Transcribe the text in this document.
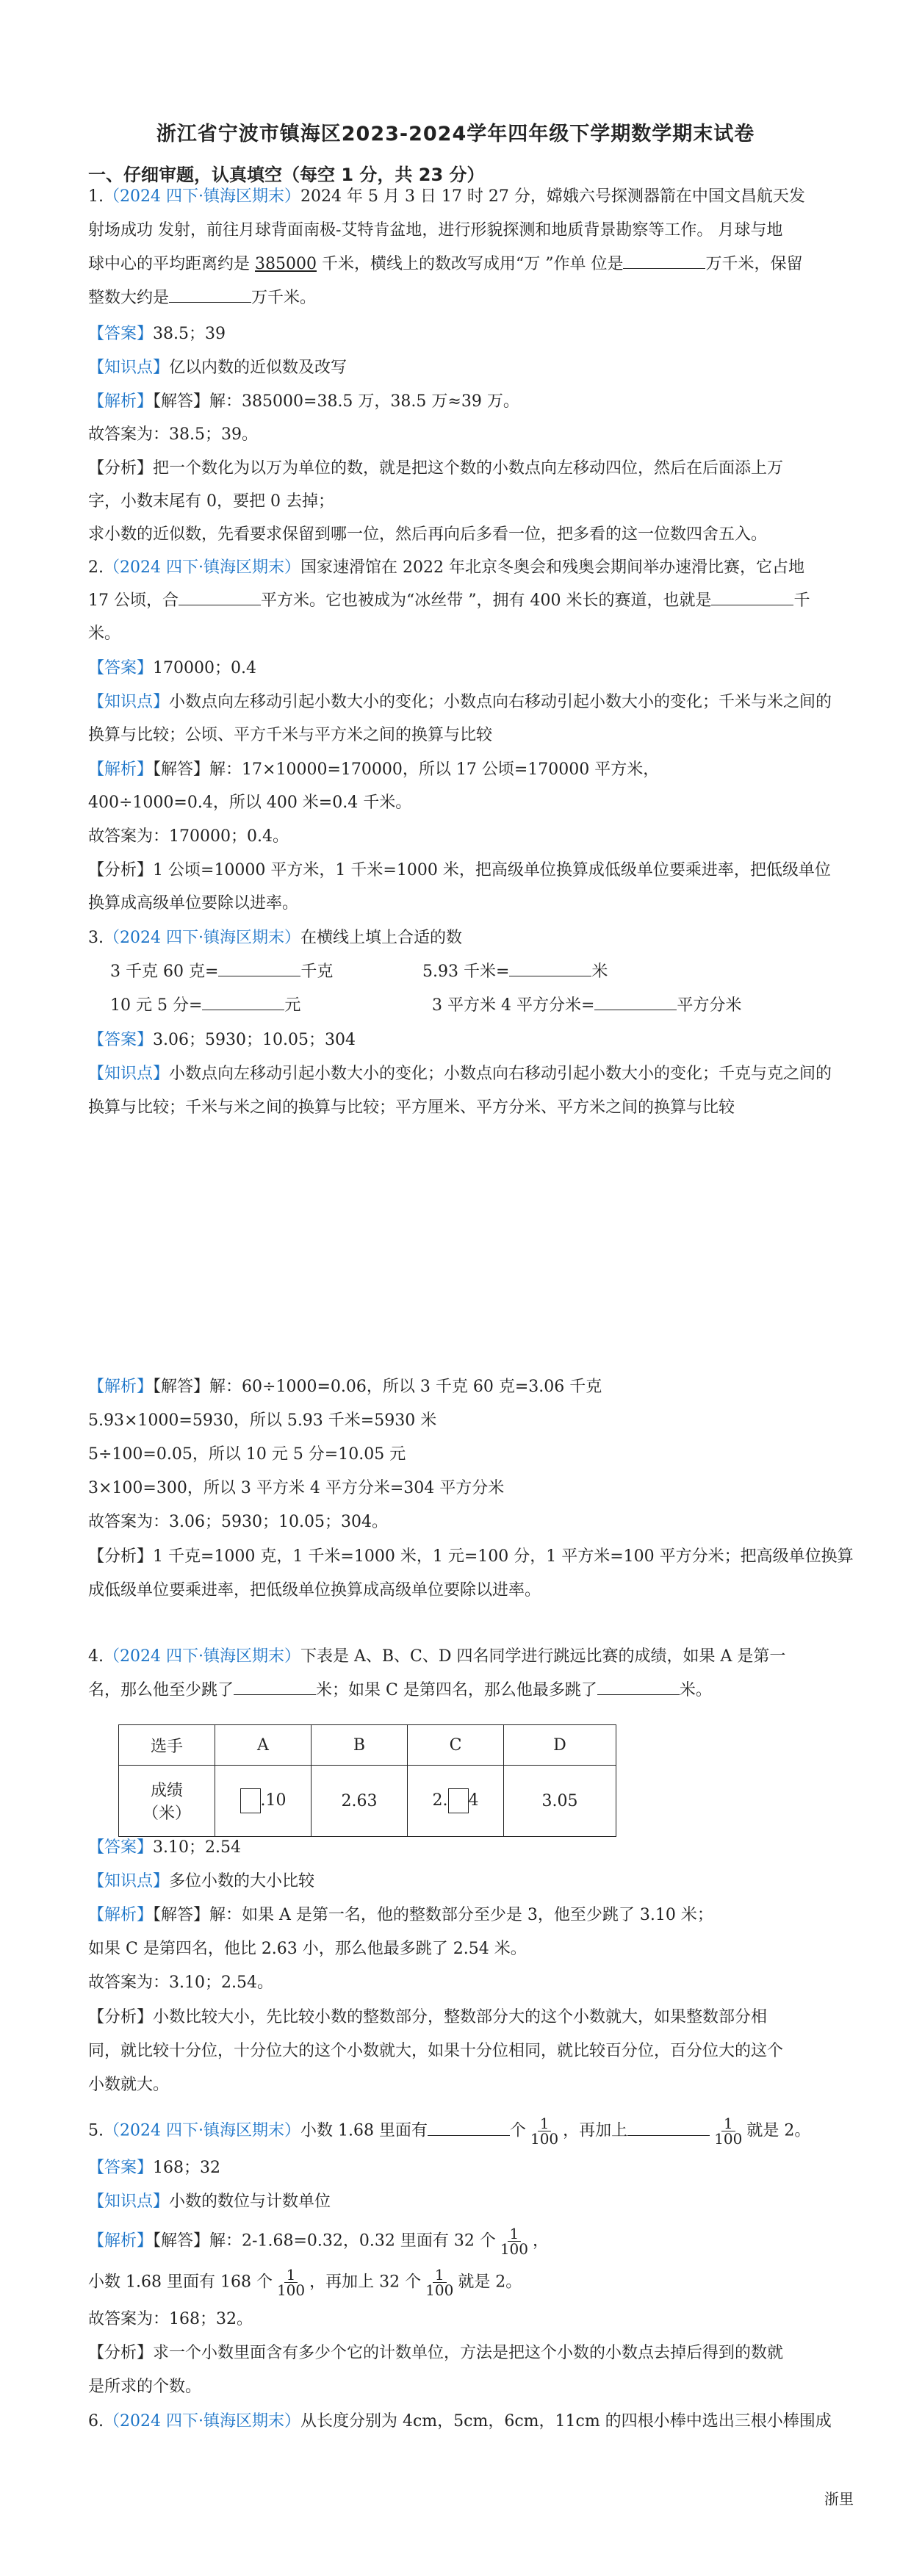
浙江省宁波市镇海区2023-2024学年四年级下学期数学期末试卷
一、仔细审题，认真填空（每空 1 分，共 23 分）
1.（2024 四下·镇海区期末）2024 年 5 月 3 日 17 时 27 分，嫦娥六号探测器箭在中国文昌航天发
射场成功 发射，前往月球背面南极-艾特肯盆地，进行形貌探测和地质背景勘察等工作。 月球与地
球中心的平均距离约是 385000 千米，横线上的数改写成用“万 ”作单 位是	万千米，保留
整数大约是	万千米。
【答案】38.5；39
【知识点】亿以内数的近似数及改写
【解析】【解答】解：385000=38.5 万，38.5 万≈39 万。
故答案为：38.5；39。
【分析】把一个数化为以万为单位的数，就是把这个数的小数点向左移动四位，然后在后面添上万
字，小数末尾有 0，要把 0 去掉；
求小数的近似数，先看要求保留到哪一位，然后再向后多看一位，把多看的这一位数四舍五入。
2.（2024 四下·镇海区期末）国家速滑馆在 2022 年北京冬奥会和残奥会期间举办速滑比赛，它占地
17 公顷，合	平方米。它也被成为“冰丝带 ”，拥有 400 米长的赛道，也就是	千
米。
【答案】170000；0.4
【知识点】小数点向左移动引起小数大小的变化；小数点向右移动引起小数大小的变化；千米与米之间的
换算与比较；公顷、平方千米与平方米之间的换算与比较
【解析】【解答】解：17×10000=170000，所以 17 公顷=170000 平方米，
400÷1000=0.4，所以 400 米=0.4 千米。
故答案为：170000；0.4。
【分析】1 公顷=10000 平方米，1 千米=1000 米，把高级单位换算成低级单位要乘进率，把低级单位
换算成高级单位要除以进率。
3.（2024 四下·镇海区期末）在横线上填上合适的数
3 千克 60 克=	千克	5.93 千米=	米
10 元 5 分=	元	3 平方米 4 平方分米=	平方分米
【答案】3.06；5930；10.05；304
【知识点】小数点向左移动引起小数大小的变化；小数点向右移动引起小数大小的变化；千克与克之间的
换算与比较；千米与米之间的换算与比较；平方厘米、平方分米、平方米之间的换算与比较
【解析】【解答】解：60÷1000=0.06，所以 3 千克 60 克=3.06 千克
5.93×1000=5930，所以 5.93 千米=5930 米
5÷100=0.05，所以 10 元 5 分=10.05 元
3×100=300，所以 3 平方米 4 平方分米=304 平方分米
故答案为：3.06；5930；10.05；304。
【分析】1 千克=1000 克，1 千米=1000 米，1 元=100 分，1 平方米=100 平方分米；把高级单位换算
成低级单位要乘进率，把低级单位换算成高级单位要除以进率。
4.（2024 四下·镇海区期末）下表是 A、B、C、D 四名同学进行跳远比赛的成绩，如果 A 是第一
名，那么他至少跳了	米；如果 C 是第四名，那么他最多跳了	米。
选手	A	B	C	D

成绩
（米）	.10	2.63	2. 4	3.05
【答案】3.10；2.54
【知识点】多位小数的大小比较
【解析】【解答】解：如果 A 是第一名，他的整数部分至少是 3，他至少跳了 3.10 米；
如果 C 是第四名，他比 2.63 小，那么他最多跳了 2.54 米。
故答案为：3.10；2.54。
【分析】小数比较大小，先比较小数的整数部分，整数部分大的这个小数就大，如果整数部分相
同，就比较十分位，十分位大的这个小数就大，如果十分位相同，就比较百分位，百分位大的这个
小数就大。
5.（2024 四下·镇海区期末）小数 1.68 里面有	个 $\frac{1}{100}$ ，再加上	$\frac{1}{100}$ 就是 2。
【答案】168；32
【知识点】小数的数位与计数单位
【解析】【解答】解：2-1.68=0.32，0.32 里面有 32 个 $\frac{1}{100}$ ，
小数 1.68 里面有 168 个 $\frac{1}{100}$ ，再加上 32 个 $\frac{1}{100}$ 就是 2。
故答案为：168；32。
【分析】求一个小数里面含有多少个它的计数单位，方法是把这个小数的小数点去掉后得到的数就
是所求的个数。
6.（2024 四下·镇海区期末）从长度分别为 4cm，5cm，6cm，11cm 的四根小棒中选出三根小棒围成
浙里
